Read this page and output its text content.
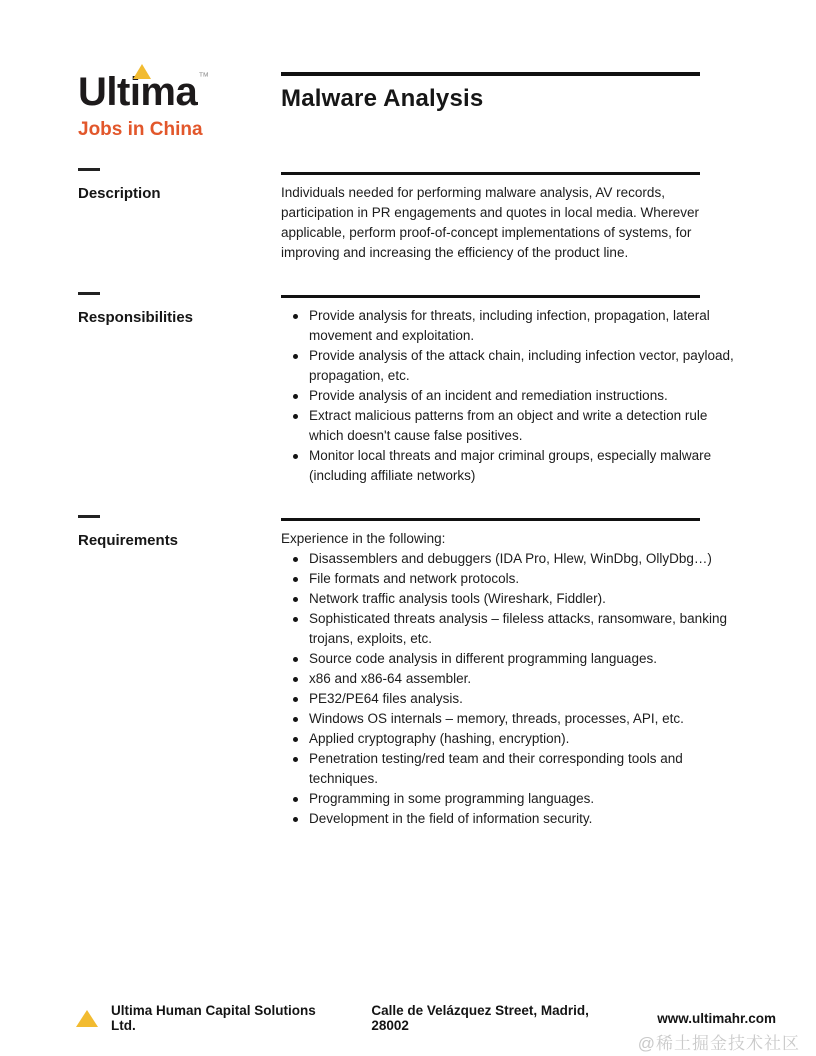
Ultima™
Jobs in China
Malware Analysis
Description	Individuals needed for performing malware analysis, AV records, participation in PR engagements and quotes in local media. Wherever applicable, perform proof-of-concept implementations of systems, for improving and increasing the efficiency of the product line.
Responsibilities	Provide analysis for threats, including infection, propagation, lateral movement and exploitation.
Provide analysis of the attack chain, including infection vector, payload, propagation, etc.
Provide analysis of an incident and remediation instructions.
Extract malicious patterns from an object and write a detection rule which doesn't cause false positives.
Monitor local threats and major criminal groups, especially malware (including affiliate networks)
Requirements	Experience in the following:
Disassemblers and debuggers (IDA Pro, Hlew, WinDbg, OllyDbg…)
File formats and network protocols.
Network traffic analysis tools (Wireshark, Fiddler).
Sophisticated threats analysis – fileless attacks, ransomware, banking trojans, exploits, etc.
Source code analysis in different programming languages.
x86 and x86-64 assembler.
PE32/PE64 files analysis.
Windows OS internals – memory, threads, processes, API, etc.
Applied cryptography (hashing, encryption).
Penetration testing/red team and their corresponding tools and techniques.
Programming in some programming languages.
Development in the field of information security.
Ultima Human Capital Solutions Ltd.
Calle de Velázquez Street, Madrid, 28002	www.ultimahr.com
@稀土掘金技术社区
